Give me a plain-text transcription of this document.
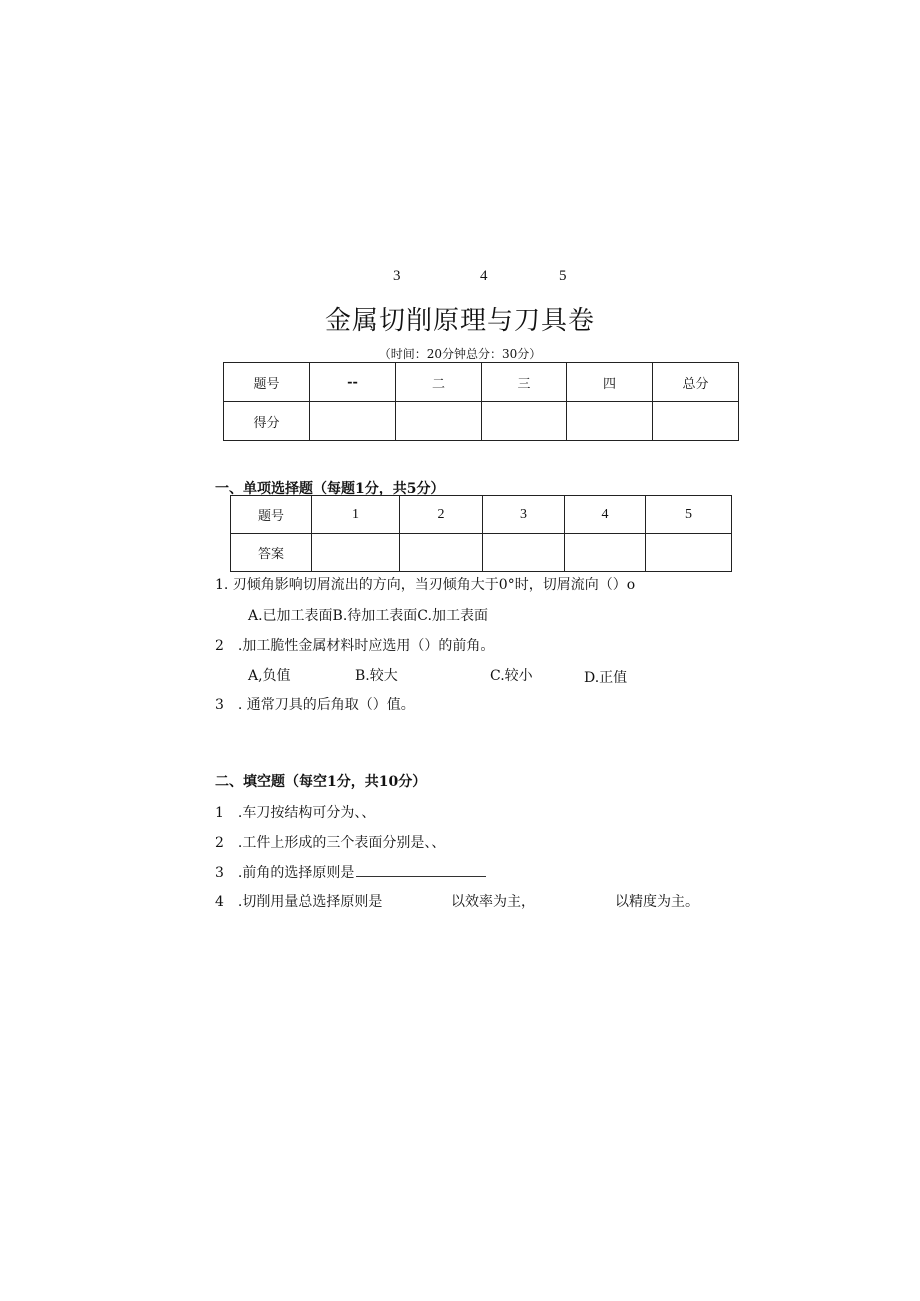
3	4	5
金属切削原理与刀具卷
（时间：20分钟总分：30分）
题号	--	二	三	四	总分
得分					
一、单项选择题（每题1分，共5分）
题号	1	2	3	4	5
答案					
1. 刃倾角影响切屑流出的方向，当刃倾角大于0°时，切屑流向（）o
A.已加工表面B.待加工表面C.加工表面
2　.加工脆性金属材料时应选用（）的前角。
A,负值	B.较大	C.较小	D.正值
3　. 通常刀具的后角取（）值。
二、填空题（每空1分，共10分）
1　.车刀按结构可分为、、
2　.工件上形成的三个表面分别是、、
3　.前角的选择原则是
4　.切削用量总选择原则是	以效率为主，	以精度为主。
